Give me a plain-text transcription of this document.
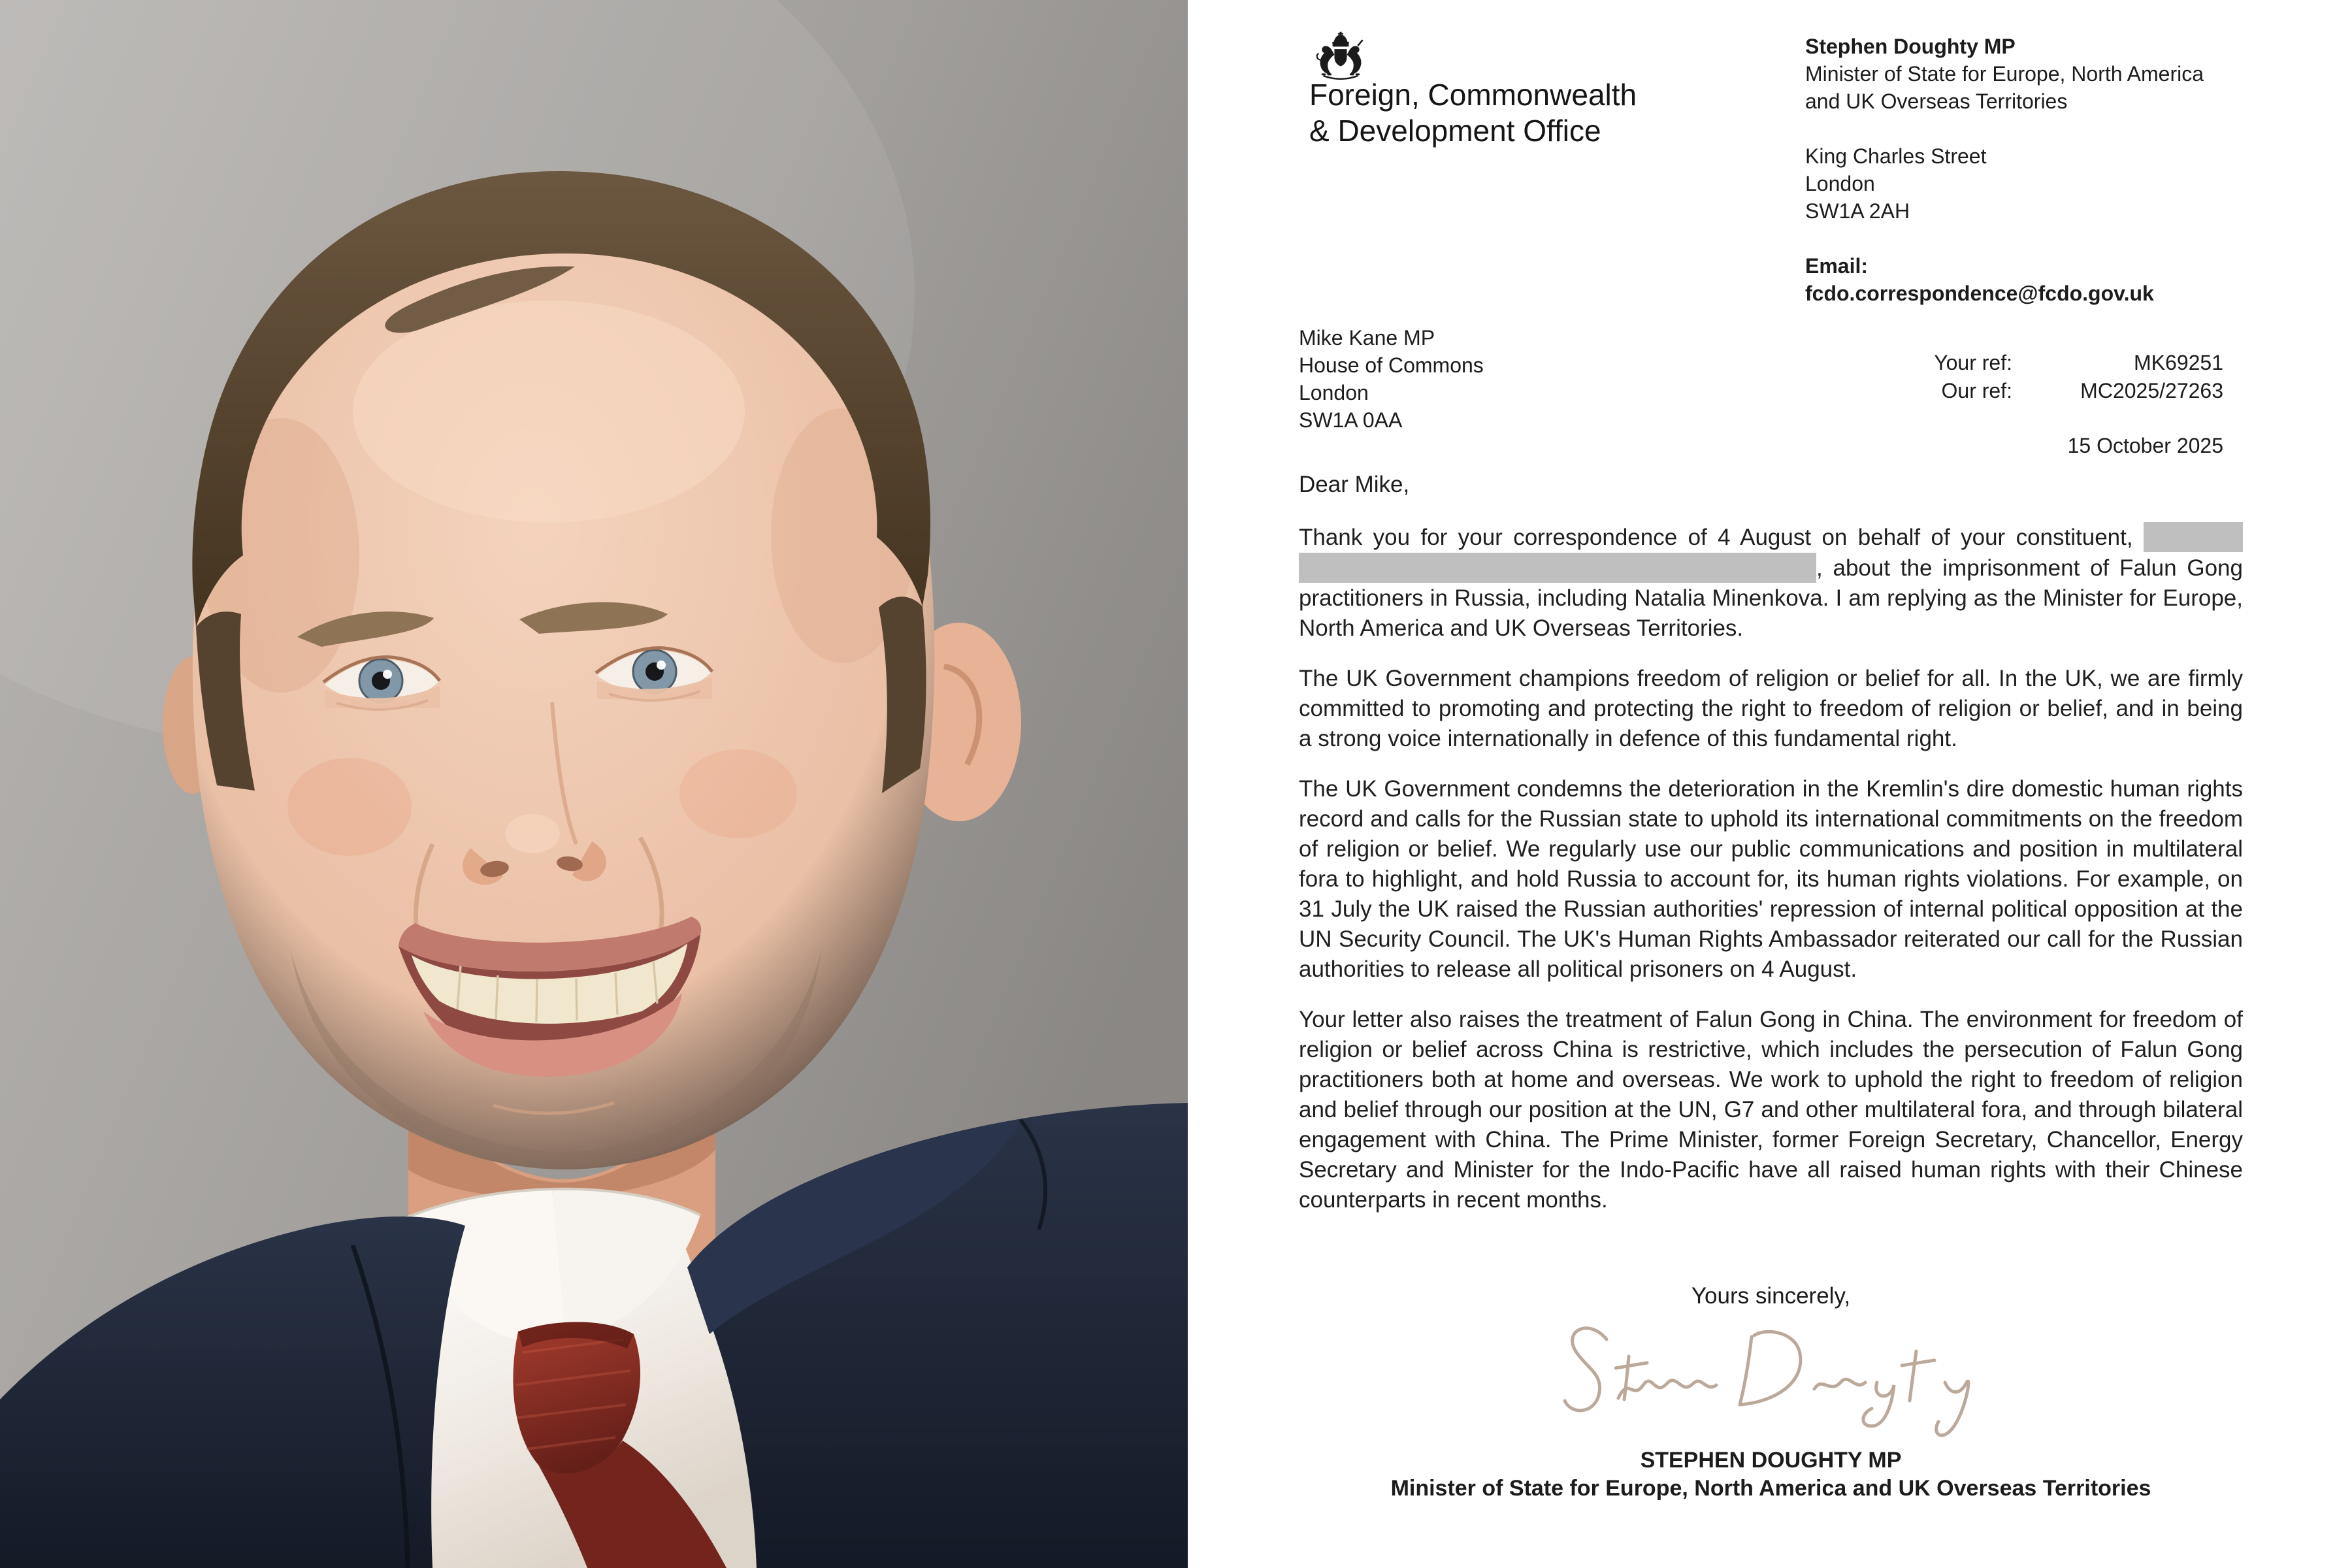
Foreign, Commonwealth
& Development Office
Stephen Doughty MP
Minister of State for Europe, North America and UK Overseas Territories
King Charles Street
London
SW1A 2AH
Email:
fcdo.correspondence@fcdo.gov.uk
Mike Kane MP
House of Commons
London
SW1A 0AA
Your ref:	MK69251
Our ref:	MC2025/27263
15 October 2025
Dear Mike,

Thank you for your correspondence of 4 August on behalf of your constituent,  , about the imprisonment of Falun Gong practitioners in Russia, including Natalia Minenkova. I am replying as the Minister for Europe, North America and UK Overseas Territories.

The UK Government champions freedom of religion or belief for all. In the UK, we are firmly committed to promoting and protecting the right to freedom of religion or belief, and in being a strong voice internationally in defence of this fundamental right.

The UK Government condemns the deterioration in the Kremlin's dire domestic human rights record and calls for the Russian state to uphold its international commitments on the freedom of religion or belief. We regularly use our public communications and position in multilateral fora to highlight, and hold Russia to account for, its human rights violations. For example, on 31 July the UK raised the Russian authorities' repression of internal political opposition at the UN Security Council. The UK's Human Rights Ambassador reiterated our call for the Russian authorities to release all political prisoners on 4 August.

Your letter also raises the treatment of Falun Gong in China. The environment for freedom of religion or belief across China is restrictive, which includes the persecution of Falun Gong practitioners both at home and overseas. We work to uphold the right to freedom of religion and belief through our position at the UN, G7 and other multilateral fora, and through bilateral engagement with China. The Prime Minister, former Foreign Secretary, Chancellor, Energy Secretary and Minister for the Indo-Pacific have all raised human rights with their Chinese counterparts in recent months.

Yours sincerely,
STEPHEN DOUGHTY MP
Minister of State for Europe, North America and UK Overseas Territories
